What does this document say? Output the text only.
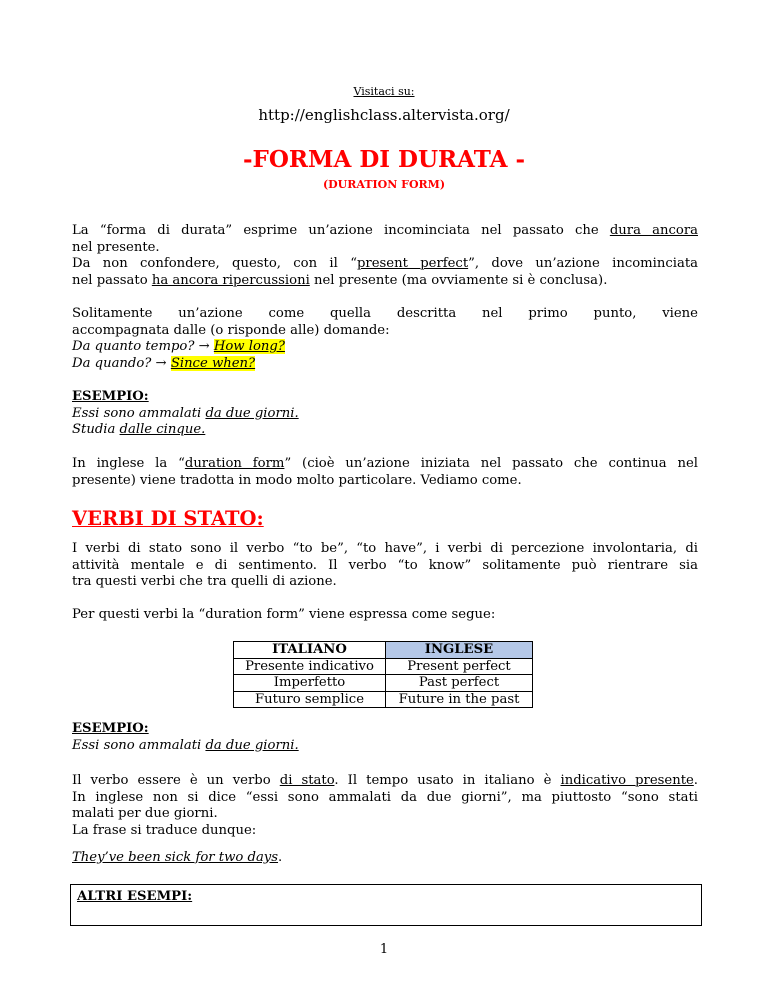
Visitaci su:
http://englishclass.altervista.org/
-FORMA DI DURATA -
(DURATION FORM)
La “forma di durata” esprime un’azione incominciata nel passato che dura ancora
nel presente.
Da non confondere, questo, con il “present perfect”, dove un’azione incominciata
nel passato ha ancora ripercussioni nel presente (ma ovviamente si è conclusa).
Solitamente un’azione come quella descritta nel primo punto, viene
accompagnata dalle (o risponde alle) domande:
Da quanto tempo? → How long?
Da quando? → Since when?
ESEMPIO:
Essi sono ammalati da due giorni.
Studia dalle cinque.
In inglese la “duration form” (cioè un’azione iniziata nel passato che continua nel
presente) viene tradotta in modo molto particolare. Vediamo come.
VERBI DI STATO:
I verbi di stato sono il verbo “to be”, “to have”, i verbi di percezione involontaria, di
attività mentale e di sentimento. Il verbo “to know” solitamente può rientrare sia
tra questi verbi che tra quelli di azione.
Per questi verbi la “duration form” viene espressa come segue:
ITALIANO	INGLESE
Presente indicativo	Present perfect
Imperfetto	Past perfect
Futuro semplice	Future in the past
ESEMPIO:
Essi sono ammalati da due giorni.
Il verbo essere è un verbo di stato. Il tempo usato in italiano è indicativo presente.
In inglese non si dice “essi sono ammalati da due giorni”, ma piuttosto “sono stati
malati per due giorni.
La frase si traduce dunque:
They’ve been sick for two days.
ALTRI ESEMPI:
1
